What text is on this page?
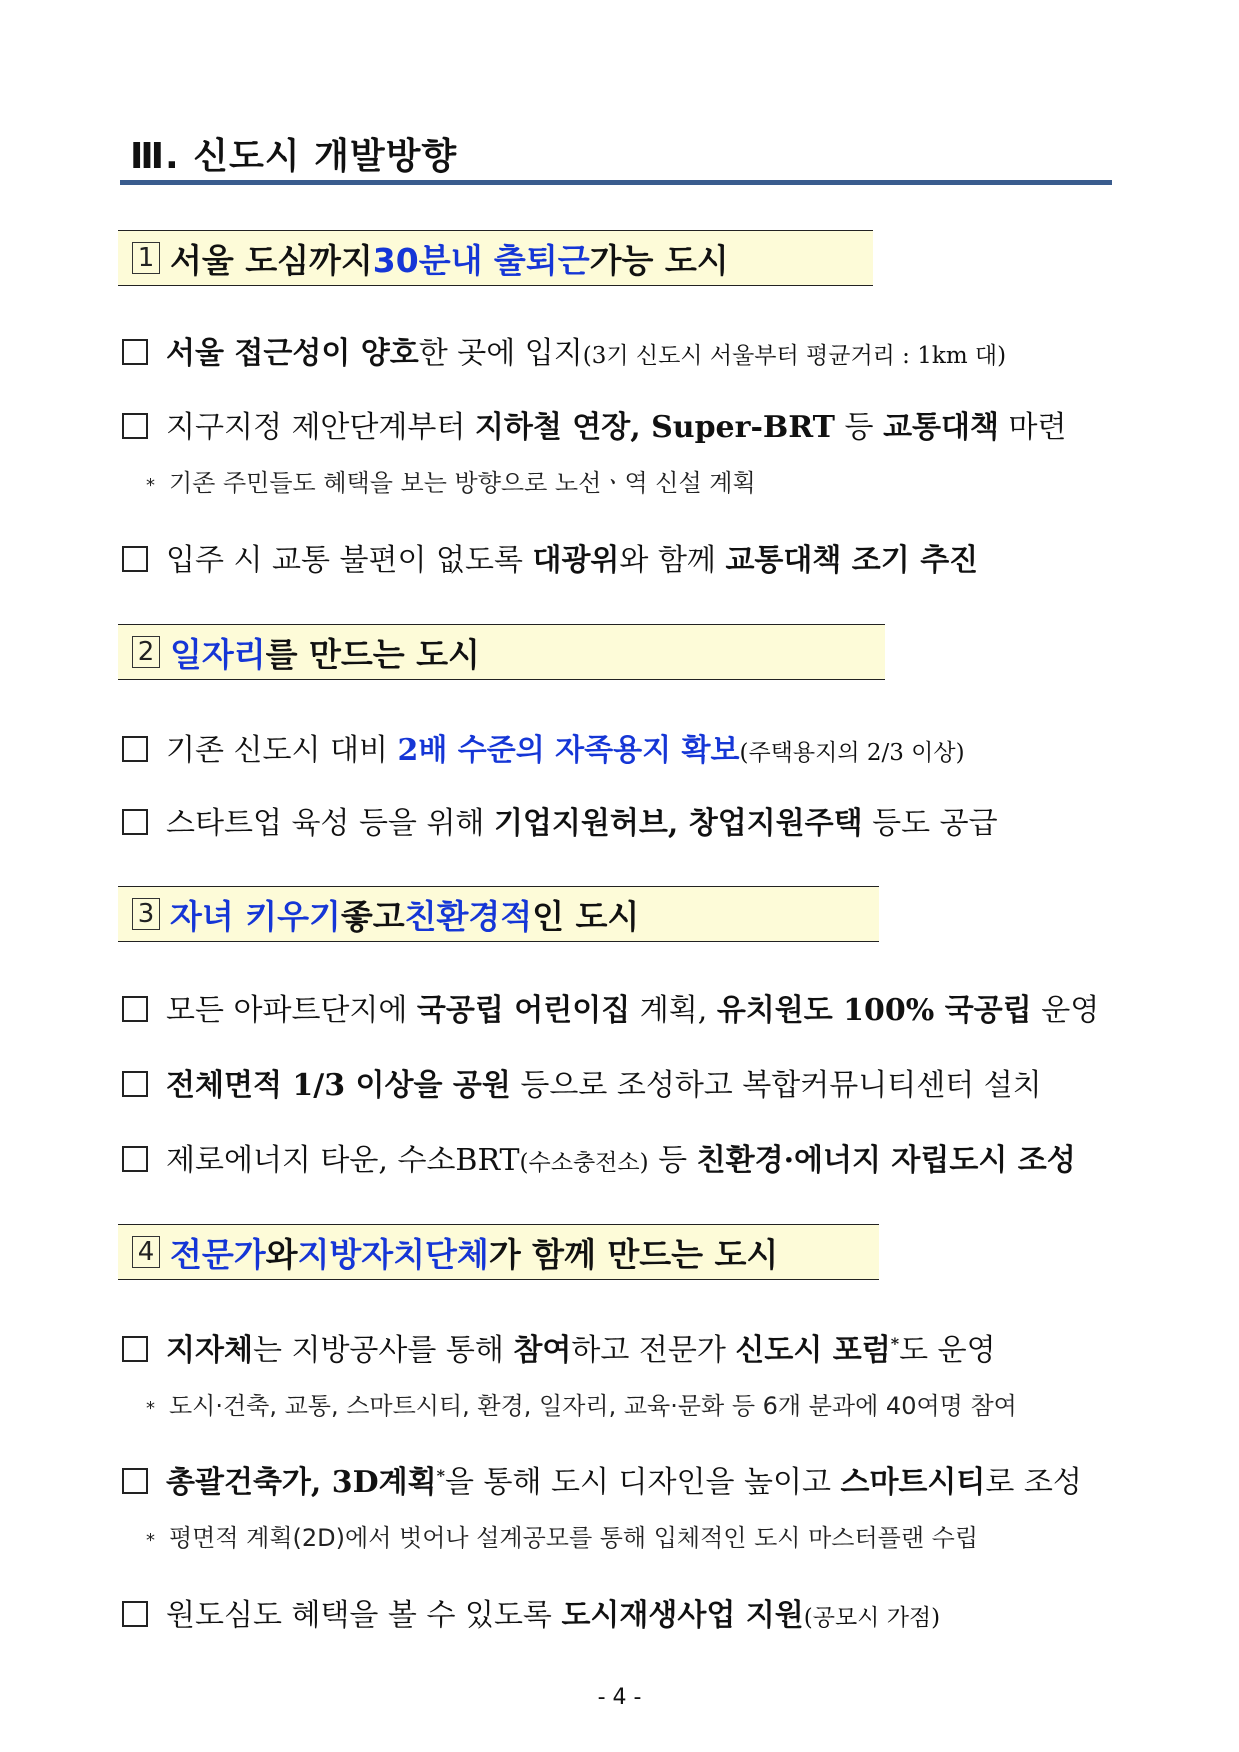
Ⅲ. 신도시 개발방향
1 서울 도심까지 30분내 출퇴근 가능 도시
서울 접근성이 양호한 곳에 입지(3기 신도시 서울부터 평균거리 : 1km 대)
지구지정 제안단계부터 지하철 연장, Super-BRT 등 교통대책 마련
* 기존 주민들도 혜택을 보는 방향으로 노선ㆍ역 신설 계획
입주 시 교통 불편이 없도록 대광위와 함께 교통대책 조기 추진
2 일자리 를 만드는 도시
기존 신도시 대비 2배 수준의 자족용지 확보(주택용지의 2/3 이상)
스타트업 육성 등을 위해 기업지원허브, 창업지원주택 등도 공급
3 자녀 키우기 좋고 친환경적 인 도시
모든 아파트단지에 국공립 어린이집 계획, 유치원도 100% 국공립 운영
전체면적 1/3 이상을 공원 등으로 조성하고 복합커뮤니티센터 설치
제로에너지 타운, 수소BRT(수소충전소) 등 친환경·에너지 자립도시 조성
4 전문가 와 지방자치단체 가 함께 만드는 도시
지자체는 지방공사를 통해 참여하고 전문가 신도시 포럼*도 운영
* 도시·건축, 교통, 스마트시티, 환경, 일자리, 교육·문화 등 6개 분과에 40여명 참여
총괄건축가, 3D계획*을 통해 도시 디자인을 높이고 스마트시티로 조성
* 평면적 계획(2D)에서 벗어나 설계공모를 통해 입체적인 도시 마스터플랜 수립
원도심도 혜택을 볼 수 있도록 도시재생사업 지원(공모시 가점)
- 4 -
